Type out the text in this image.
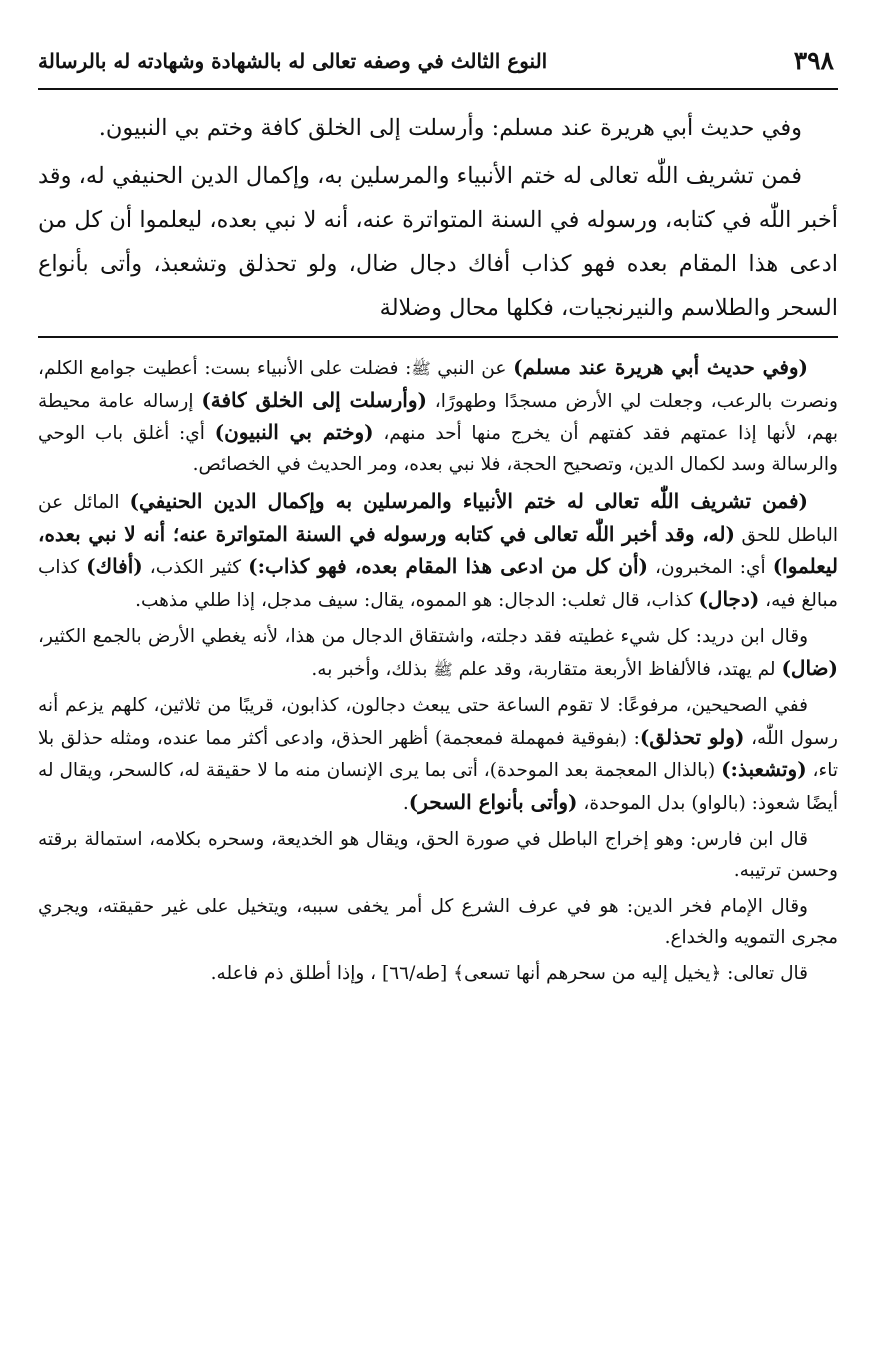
٣٩٨
النوع الثالث في وصفه تعالى له بالشهادة وشهادته له بالرسالة

وفي حديث أبي هريرة عند مسلم: وأرسلت إلى الخلق كافة وختم بي النبيون.

فمن تشريف اللّٰه تعالى له ختم الأنبياء والمرسلين به، وإكمال الدين الحنيفي له، وقد أخبر اللّٰه في كتابه، ورسوله في السنة المتواترة عنه، أنه لا نبي بعده، ليعلموا أن كل من ادعى هذا المقام بعده فهو كذاب أفاك دجال ضال، ولو تحذلق وتشعبذ، وأتى بأنواع السحر والطلاسم والنيرنجيات، فكلها محال وضلالة

(وفي حديث أبي هريرة عند مسلم) عن النبي ﷺ: فضلت على الأنبياء بست: أعطيت جوامع الكلم، ونصرت بالرعب، وجعلت لي الأرض مسجدًا وطهورًا، (وأرسلت إلى الخلق كافة) إرساله عامة محيطة بهم، لأنها إذا عمتهم فقد كفتهم أن يخرج منها أحد منهم، (وختم بي النبيون) أي: أغلق باب الوحي والرسالة وسد لكمال الدين، وتصحيح الحجة، فلا نبي بعده، ومر الحديث في الخصائص.

(فمن تشريف اللّٰه تعالى له ختم الأنبياء والمرسلين به وإكمال الدين الحنيفي) المائل عن الباطل للحق (له، وقد أخبر اللّٰه تعالى في كتابه ورسوله في السنة المتواترة عنه؛ أنه لا نبي بعده، ليعلموا) أي: المخبرون، (أن كل من ادعى هذا المقام بعده، فهو كذاب:) كثير الكذب، (أفاك) كذاب مبالغ فيه، (دجال) كذاب، قال ثعلب: الدجال: هو المموه، يقال: سيف مدجل، إذا طلي مذهب.

وقال ابن دريد: كل شيء غطيته فقد دجلته، واشتقاق الدجال من هذا، لأنه يغطي الأرض بالجمع الكثير، (ضال) لم يهتد، فالألفاظ الأربعة متقاربة، وقد علم ﷺ بذلك، وأخبر به.

ففي الصحيحين، مرفوعًا: لا تقوم الساعة حتى يبعث دجالون، كذابون، قريبًا من ثلاثين، كلهم يزعم أنه رسول اللّٰه، (ولو تحذلق): (بفوقية فمهملة فمعجمة) أظهر الحذق، وادعى أكثر مما عنده، ومثله حذلق بلا تاء، (وتشعبذ:) (بالذال المعجمة بعد الموحدة)، أتى بما يرى الإنسان منه ما لا حقيقة له، كالسحر، ويقال له أيضًا شعوذ: (بالواو) بدل الموحدة، (وأتى بأنواع السحر).

قال ابن فارس: وهو إخراج الباطل في صورة الحق، ويقال هو الخديعة، وسحره بكلامه، استمالة برقته وحسن ترتيبه.

وقال الإمام فخر الدين: هو في عرف الشرع كل أمر يخفى سببه، ويتخيل على غير حقيقته، ويجري مجرى التمويه والخداع.

قال تعالى: ﴿يخيل إليه من سحرهم أنها تسعى﴾ [طه/٦٦] ، وإذا أطلق ذم فاعله.
